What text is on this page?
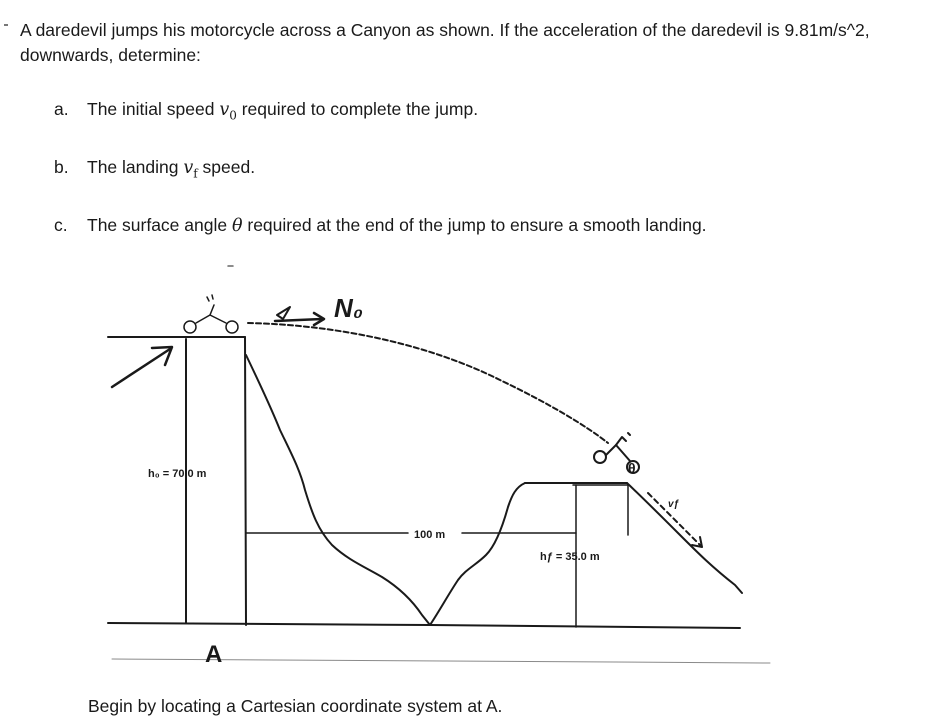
A daredevil jumps his motorcycle across a Canyon as shown. If the acceleration of the daredevil is 9.81m/s^2, downwards, determine:

a. The initial speed $v_0$ required to complete the jump.
b. The landing $v_f$ speed.
c. The surface angle θ required at the end of the jump to ensure a smooth landing.
h₀ = 70.0 m
100 m
hƒ = 35.0 m
N₀
vƒ
A
θ

Begin by locating a Cartesian coordinate system at A.
